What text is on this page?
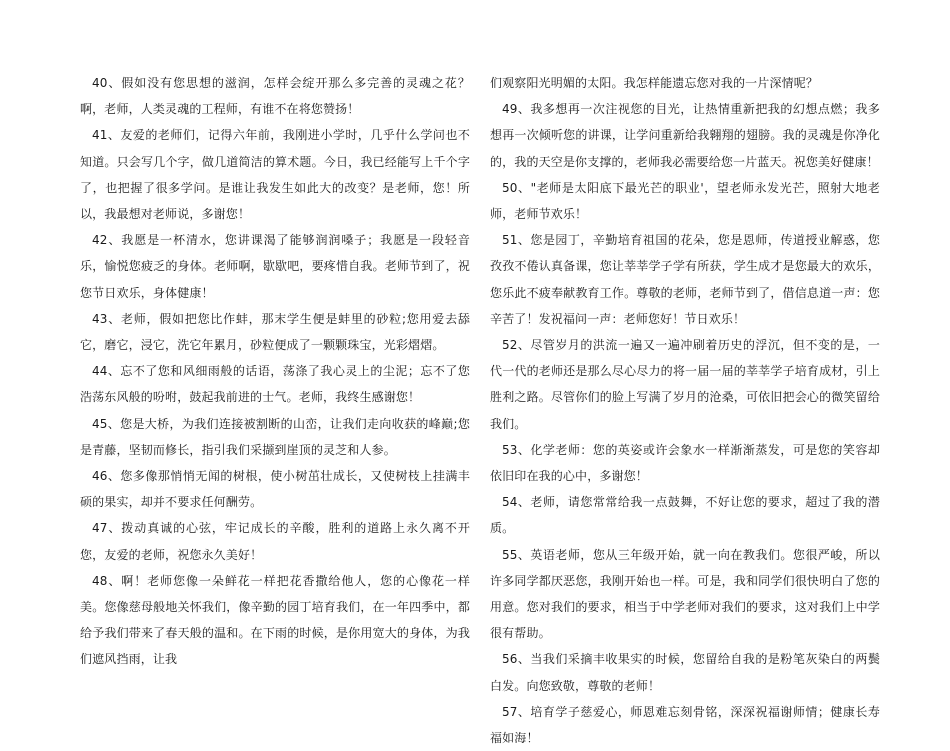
40、假如没有您思想的滋润，怎样会绽开那么多完善的灵魂之花？啊，老师，人类灵魂的工程师，有谁不在将您赞扬！

41、友爱的老师们，记得六年前，我刚进小学时，几乎什么学问也不知道。只会写几个字，做几道简洁的算术题。今日，我已经能写上千个字了，也把握了很多学问。是谁让我发生如此大的改变？是老师，您！所以，我最想对老师说，多谢您！

42、我愿是一杯清水，您讲课渴了能够润润嗓子；我愿是一段轻音乐，愉悦您疲乏的身体。老师啊，歇歇吧，要疼惜自我。老师节到了，祝您节日欢乐，身体健康！

43、老师，假如把您比作蚌，那末学生便是蚌里的砂粒;您用爱去舔它，磨它，浸它，洗它年累月，砂粒便成了一颗颗珠宝，光彩熠熠。

44、忘不了您和风细雨般的话语，荡涤了我心灵上的尘泥；忘不了您浩荡东风般的吩咐，鼓起我前进的士气。老师，我终生感谢您！

45、您是大桥，为我们连接被割断的山峦，让我们走向收获的峰巅;您是青藤，坚韧而修长，指引我们采撷到崖顶的灵芝和人参。

46、您多像那悄悄无闻的树根，使小树茁壮成长，又使树枝上挂满丰硕的果实，却并不要求任何酬劳。

47、拨动真诚的心弦，牢记成长的辛酸，胜利的道路上永久离不开您，友爱的老师，祝您永久美好！

48、啊！老师您像一朵鲜花一样把花香撒给他人，您的心像花一样美。您像慈母般地关怀我们，像辛勤的园丁培育我们，在一年四季中，都给予我们带来了春天般的温和。在下雨的时候，是你用宽大的身体，为我们遮风挡雨，让我

们观察阳光明媚的太阳。我怎样能遗忘您对我的一片深情呢？

49、我多想再一次注视您的目光，让热情重新把我的幻想点燃；我多想再一次倾听您的讲课，让学问重新给我翱翔的翅膀。我的灵魂是你净化的，我的天空是你支撑的，老师我必需要给您一片蓝天。祝您美好健康！

50、"老师是太阳底下最光芒的职业'，望老师永发光芒，照射大地老师，老师节欢乐！

51、您是园丁，辛勤培育祖国的花朵，您是恩师，传道授业解惑，您孜孜不倦认真备课，您让莘莘学子学有所获，学生成才是您最大的欢乐，您乐此不疲奉献教育工作。尊敬的老师，老师节到了，借信息道一声：您辛苦了！发祝福问一声：老师您好！节日欢乐！

52、尽管岁月的洪流一遍又一遍冲刷着历史的浮沉，但不变的是，一代一代的老师还是那么尽心尽力的将一届一届的莘莘学子培育成材，引上胜利之路。尽管你们的脸上写满了岁月的沧桑，可依旧把会心的微笑留给我们。

53、化学老师：您的英姿或许会象水一样渐渐蒸发，可是您的笑容却依旧印在我的心中，多谢您！

54、老师，请您常常给我一点鼓舞，不好让您的要求，超过了我的潜质。

55、英语老师，您从三年级开始，就一向在教我们。您很严峻，所以许多同学都厌恶您，我刚开始也一样。可是，我和同学们很快明白了您的用意。您对我们的要求，相当于中学老师对我们的要求，这对我们上中学很有帮助。

56、当我们采摘丰收果实的时候，您留给自我的是粉笔灰染白的两鬓白发。向您致敬，尊敬的老师！

57、培育学子慈爱心，师恩难忘刻骨铭，深深祝福谢师情；健康长寿福如海！
